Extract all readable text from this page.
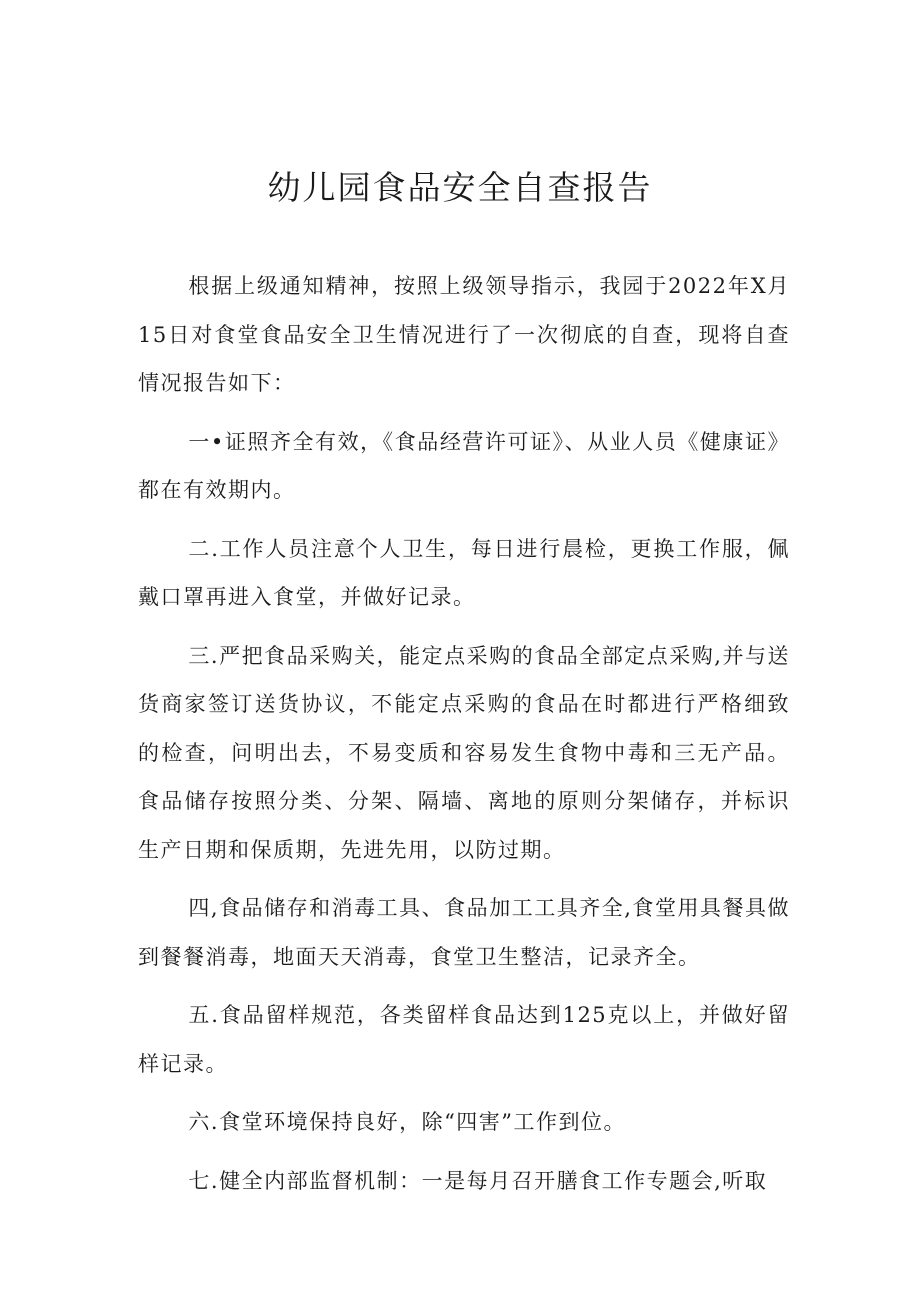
幼儿园食品安全自查报告

根据上级通知精神，按照上级领导指示，我园于2022年X月15日对食堂食品安全卫生情况进行了一次彻底的自查，现将自查情况报告如下：

一•证照齐全有效，《食品经营许可证》、从业人员《健康证》都在有效期内。

二.工作人员注意个人卫生，每日进行晨检，更换工作服，佩戴口罩再进入食堂，并做好记录。

三.严把食品采购关，能定点采购的食品全部定点采购,并与送货商家签订送货协议，不能定点采购的食品在时都进行严格细致的检查，问明出去，不易变质和容易发生食物中毒和三无产品。食品储存按照分类、分架、隔墙、离地的原则分架储存，并标识生产日期和保质期，先进先用，以防过期。

四,食品储存和消毒工具、食品加工工具齐全,食堂用具餐具做到餐餐消毒，地面天天消毒，食堂卫生整洁，记录齐全。

五.食品留样规范，各类留样食品达到125克以上，并做好留样记录。

六.食堂环境保持良好，除“四害”工作到位。

七.健全内部监督机制：一是每月召开膳食工作专题会,听取
